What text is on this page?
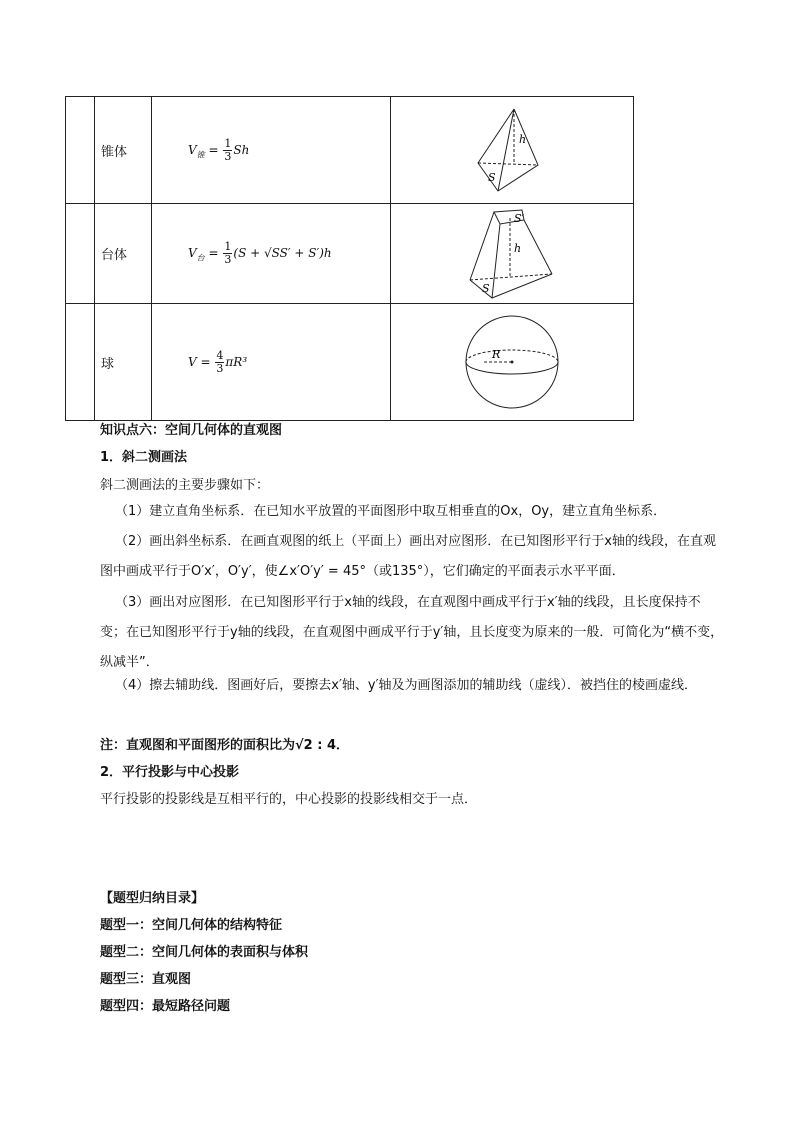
	锥体	$V_锥 = \frac{1}{3}$ Sh	h
S

	台体	$V_台 = \frac{1}{3} (S + √SS' + S')h$	h
S
S′

	球	$V = \frac{4}{3} \pi R^3$	R
知识点六：空间几何体的直观图
1．斜二测画法
斜二测画法的主要步骤如下：
（1）建立直角坐标系．在已知水平放置的平面图形中取互相垂直的Ox，Oy，建立直角坐标系．
（2）画出斜坐标系．在画直观图的纸上（平面上）画出对应图形．在已知图形平行于x轴的线段，在直观图中画成平行于O′x′，O′y′，使∠x′O′y′ = 45°（或135°），它们确定的平面表示水平平面．
（3）画出对应图形．在已知图形平行于x轴的线段，在直观图中画成平行于x′轴的线段，且长度保持不变；在已知图形平行于y轴的线段，在直观图中画成平行于y′轴，且长度变为原来的一般．可简化为“横不变，纵减半”．
（4）擦去辅助线．图画好后，要擦去x′轴、y′轴及为画图添加的辅助线（虚线）．被挡住的棱画虚线．
注：直观图和平面图形的面积比为√2 : 4．
2．平行投影与中心投影
平行投影的投影线是互相平行的，中心投影的投影线相交于一点．
【题型归纳目录】
题型一：空间几何体的结构特征
题型二：空间几何体的表面积与体积
题型三：直观图
题型四：最短路径问题
